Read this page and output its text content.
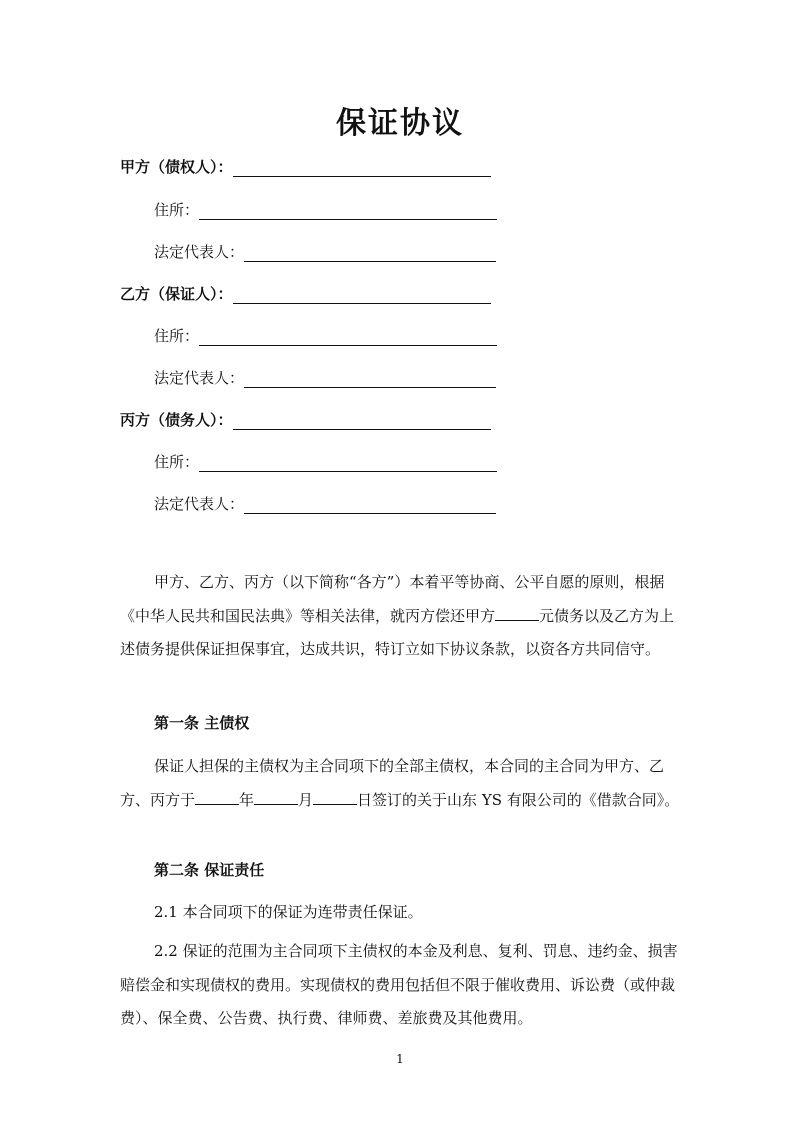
保证协议
甲方（债权人）：
住所：
法定代表人：
乙方（保证人）：
住所：
法定代表人：
丙方（债务人）：
住所：
法定代表人：

甲方、乙方、丙方（以下简称“各方”）本着平等协商、公平自愿的原则，根据《中华人民共和国民法典》等相关法律，就丙方偿还甲方	元债务以及乙方为上述债务提供保证担保事宜，达成共识，特订立如下协议条款，以资各方共同信守。

第一条 主债权

保证人担保的主债权为主合同项下的全部主债权，本合同的主合同为甲方、乙方、丙方于	年	月	日签订的关于山东 YS 有限公司的《借款合同》。

第二条 保证责任

2.1 本合同项下的保证为连带责任保证。

2.2 保证的范围为主合同项下主债权的本金及利息、复利、罚息、违约金、损害赔偿金和实现债权的费用。实现债权的费用包括但不限于催收费用、诉讼费（或仲裁费）、保全费、公告费、执行费、律师费、差旅费及其他费用。

1
